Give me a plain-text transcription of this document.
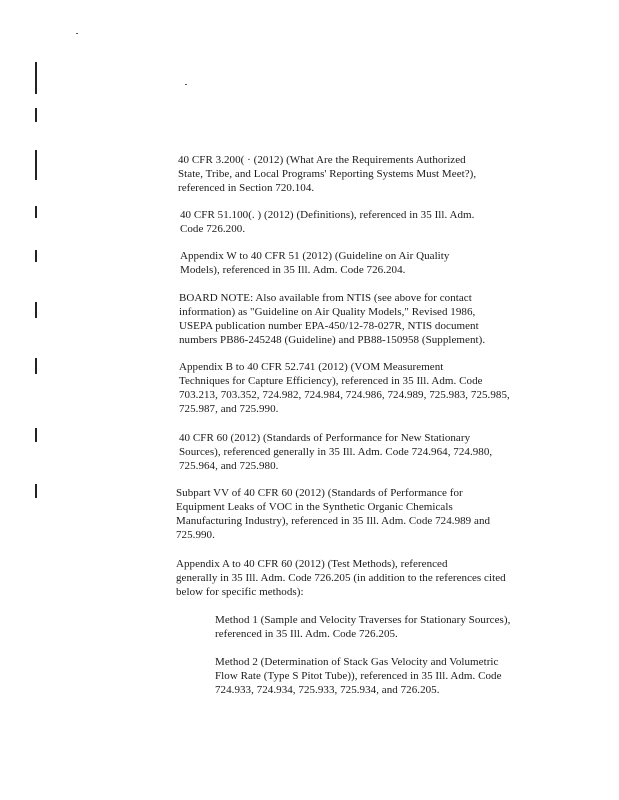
40 CFR 3.200( · (2012) (What Are the Requirements Authorized
State, Tribe, and Local Programs' Reporting Systems Must Meet?),
referenced in Section 720.104.
40 CFR 51.100(. ) (2012) (Definitions), referenced in 35 Ill. Adm.
Code 726.200.
Appendix W to 40 CFR 51 (2012) (Guideline on Air Quality
Models), referenced in 35 Ill. Adm. Code 726.204.
BOARD NOTE: Also available from NTIS (see above for contact
information) as "Guideline on Air Quality Models," Revised 1986,
USEPA publication number EPA-450/12-78-027R, NTIS document
numbers PB86-245248 (Guideline) and PB88-150958 (Supplement).
Appendix B to 40 CFR 52.741 (2012) (VOM Measurement
Techniques for Capture Efficiency), referenced in 35 Ill. Adm. Code
703.213, 703.352, 724.982, 724.984, 724.986, 724.989, 725.983, 725.985,
725.987, and 725.990.
40 CFR 60 (2012) (Standards of Performance for New Stationary
Sources), referenced generally in 35 Ill. Adm. Code 724.964, 724.980,
725.964, and 725.980.
Subpart VV of 40 CFR 60 (2012) (Standards of Performance for
Equipment Leaks of VOC in the Synthetic Organic Chemicals
Manufacturing Industry), referenced in 35 Ill. Adm. Code 724.989 and
725.990.
Appendix A to 40 CFR 60 (2012) (Test Methods), referenced
generally in 35 Ill. Adm. Code 726.205 (in addition to the references cited
below for specific methods):
Method 1 (Sample and Velocity Traverses for Stationary Sources),
referenced in 35 Ill. Adm. Code 726.205.
Method 2 (Determination of Stack Gas Velocity and Volumetric
Flow Rate (Type S Pitot Tube)), referenced in 35 Ill. Adm. Code
724.933, 724.934, 725.933, 725.934, and 726.205.
